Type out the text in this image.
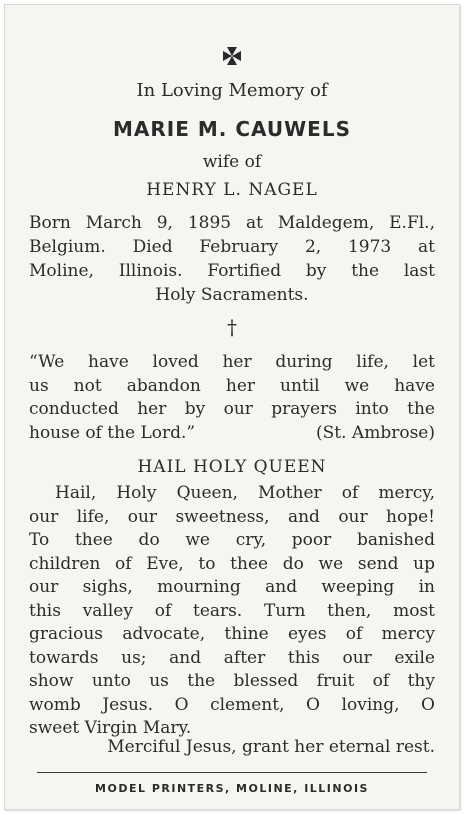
In Loving Memory of
MARIE M. CAUWELS
wife of
HENRY L. NAGEL
Born March 9, 1895 at Maldegem, E.Fl.,
Belgium. Died February 2, 1973 at
Moline, Illinois. Fortified by the last
Holy Sacraments.
†
“We have loved her during life, let
us not abandon her until we have
conducted her by our prayers into the
house of the Lord.”	(St. Ambrose)
HAIL HOLY QUEEN
Hail, Holy Queen, Mother of mercy,
our life, our sweetness, and our hope!
To thee do we cry, poor banished
children of Eve, to thee do we send up
our sighs, mourning and weeping in
this valley of tears. Turn then, most
gracious advocate, thine eyes of mercy
towards us; and after this our exile
show unto us the blessed fruit of thy
womb Jesus. O clement, O loving, O
sweet Virgin Mary.
Merciful Jesus, grant her eternal rest.
MODEL PRINTERS, MOLINE, ILLINOIS
